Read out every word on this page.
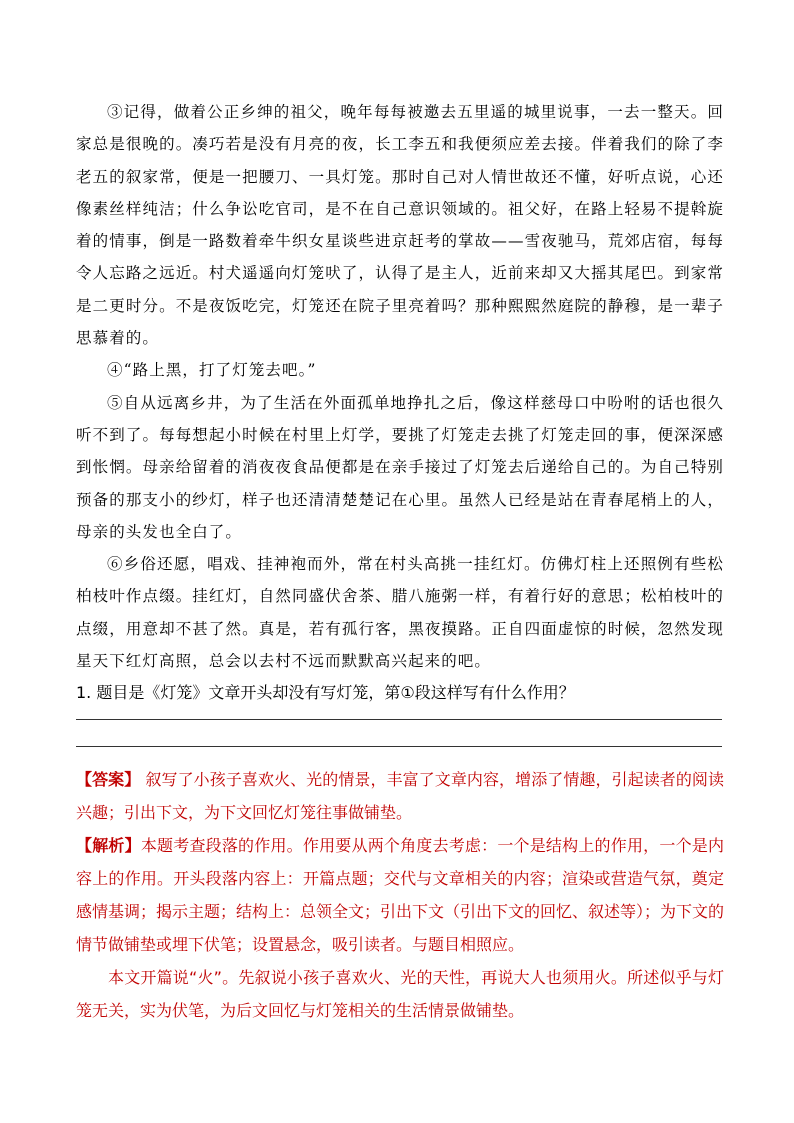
③记得，做着公正乡绅的祖父，晚年每每被邀去五里遥的城里说事，一去一整天。回家总是很晚的。凑巧若是没有月亮的夜，长工李五和我便须应差去接。伴着我们的除了李老五的叙家常，便是一把腰刀、一具灯笼。那时自己对人情世故还不懂，好听点说，心还像素丝样纯洁；什么争讼吃官司，是不在自己意识领域的。祖父好，在路上轻易不提斡旋着的情事，倒是一路数着牵牛织女星谈些进京赶考的掌故——雪夜驰马，荒郊店宿，每每令人忘路之远近。村犬遥遥向灯笼吠了，认得了是主人，近前来却又大摇其尾巴。到家常是二更时分。不是夜饭吃完，灯笼还在院子里亮着吗？那种熙熙然庭院的静穆，是一辈子思慕着的。

④“路上黑，打了灯笼去吧。”

⑤自从远离乡井，为了生活在外面孤单地挣扎之后，像这样慈母口中吩咐的话也很久听不到了。每每想起小时候在村里上灯学，要挑了灯笼走去挑了灯笼走回的事，便深深感到怅惘。母亲给留着的消夜夜食品便都是在亲手接过了灯笼去后递给自己的。为自己特别预备的那支小的纱灯，样子也还清清楚楚记在心里。虽然人已经是站在青春尾梢上的人，母亲的头发也全白了。

⑥乡俗还愿，唱戏、挂神袍而外，常在村头高挑一挂红灯。仿佛灯柱上还照例有些松柏枝叶作点缀。挂红灯，自然同盛伏舍茶、腊八施粥一样，有着行好的意思；松柏枝叶的点缀，用意却不甚了然。真是，若有孤行客，黑夜摸路。正自四面虚惊的时候，忽然发现星天下红灯高照，总会以去村不远而默默高兴起来的吧。

1. 题目是《灯笼》文章开头却没有写灯笼，第①段这样写有什么作用？

【答案】 叙写了小孩子喜欢火、光的情景，丰富了文章内容，增添了情趣，引起读者的阅读兴趣；引出下文，为下文回忆灯笼往事做铺垫。

【解析】本题考查段落的作用。作用要从两个角度去考虑：一个是结构上的作用，一个是内容上的作用。开头段落内容上：开篇点题；交代与文章相关的内容；渲染或营造气氛，奠定感情基调；揭示主题；结构上：总领全文；引出下文（引出下文的回忆、叙述等）；为下文的情节做铺垫或埋下伏笔；设置悬念，吸引读者。与题目相照应。

本文开篇说“火”。先叙说小孩子喜欢火、光的天性，再说大人也须用火。所述似乎与灯笼无关，实为伏笔，为后文回忆与灯笼相关的生活情景做铺垫。
